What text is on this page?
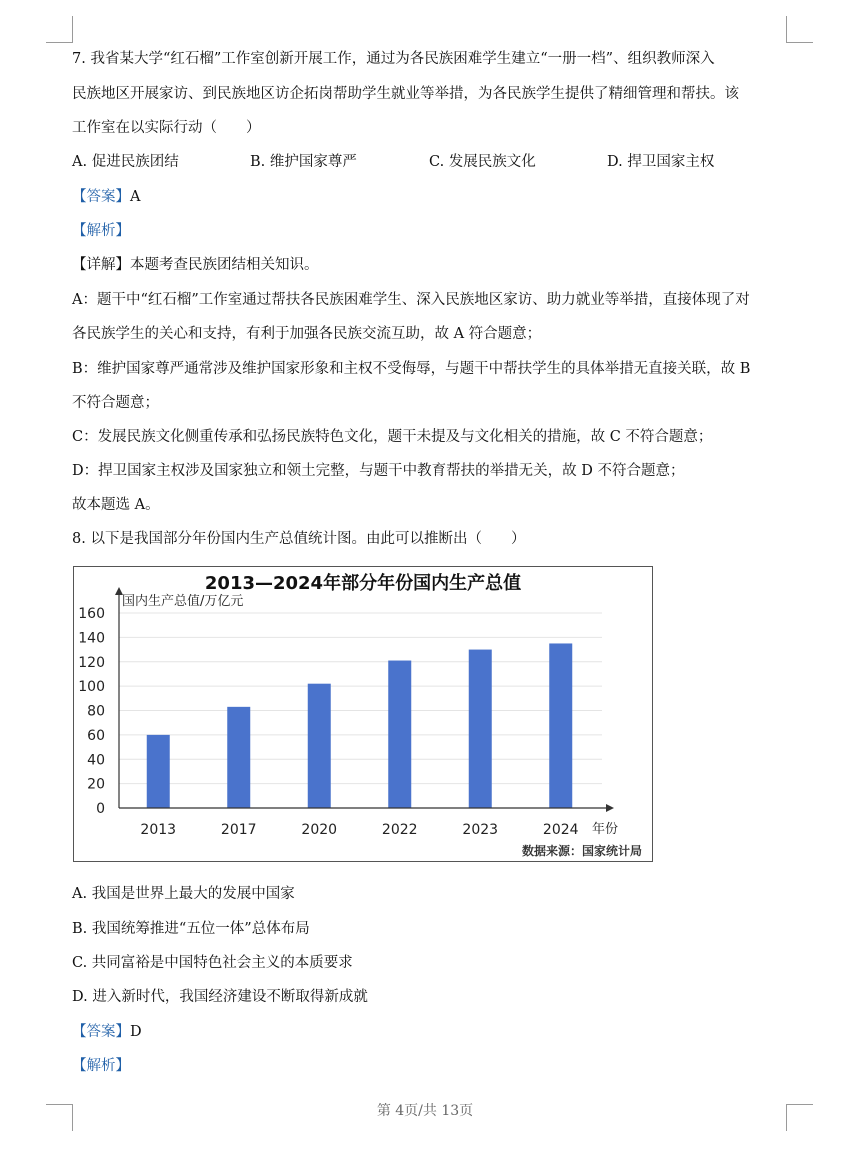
7. 我省某大学“红石榴”工作室创新开展工作，通过为各民族困难学生建立“一册一档”、组织教师深入
民族地区开展家访、到民族地区访企拓岗帮助学生就业等举措，为各民族学生提供了精细管理和帮扶。该
工作室在以实际行动（　　）
A. 促进民族团结	B. 维护国家尊严	C. 发展民族文化	D. 捍卫国家主权
【答案】A
【解析】
【详解】本题考查民族团结相关知识。
A：题干中“红石榴”工作室通过帮扶各民族困难学生、深入民族地区家访、助力就业等举措，直接体现了对
各民族学生的关心和支持，有利于加强各民族交流互助，故 A 符合题意；
B：维护国家尊严通常涉及维护国家形象和主权不受侮辱，与题干中帮扶学生的具体举措无直接关联，故 B
不符合题意；
C：发展民族文化侧重传承和弘扬民族特色文化，题干未提及与文化相关的措施，故 C 不符合题意；
D：捍卫国家主权涉及国家独立和领土完整，与题干中教育帮扶的举措无关，故 D 不符合题意；
故本题选 A。
8. 以下是我国部分年份国内生产总值统计图。由此可以推断出（　　）
2013—2024年部分年份国内生产总值
0
20
40
60
80
100
120
140
160
2013	2017	2020	2022	2023	2024
国内生产总值/万亿元
年份
数据来源：国家统计局
A. 我国是世界上最大的发展中国家
B. 我国统筹推进“五位一体”总体布局
C. 共同富裕是中国特色社会主义的本质要求
D. 进入新时代，我国经济建设不断取得新成就
【答案】D
【解析】
第 4页/共 13页
